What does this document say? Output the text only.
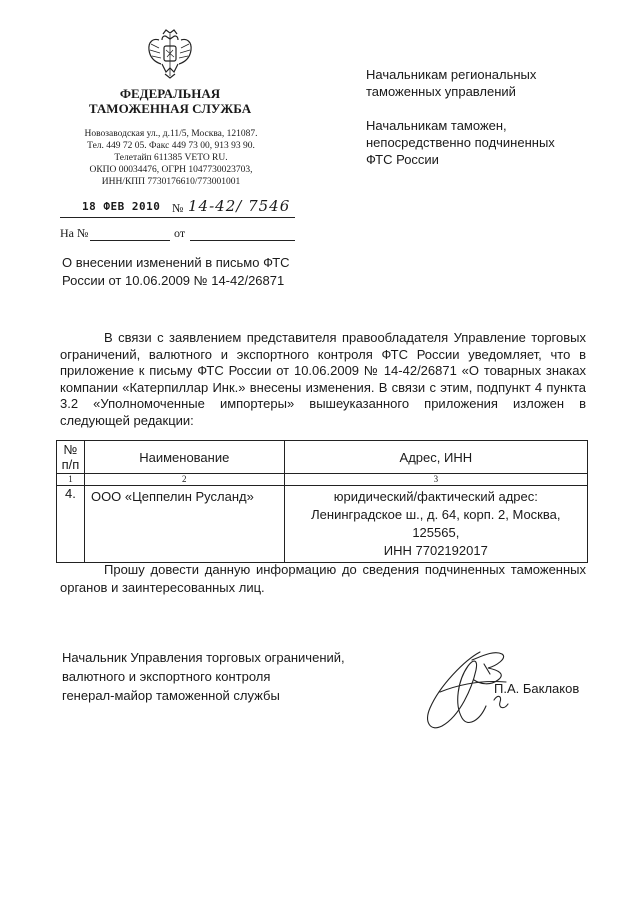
ФЕДЕРАЛЬНАЯ
ТАМОЖЕННАЯ СЛУЖБА
Новозаводская ул., д.11/5, Москва, 121087.
Тел. 449 72 05. Факс 449 73 00, 913 93 90.
Телетайп 611385 VETO RU.
ОКПО 00034476, ОГРН 1047730023703,
ИНН/КПП 7730176610/773001001
Начальникам региональных
таможенных управлений
Начальникам таможен,
непосредственно подчиненных
ФТС России
18 ФЕВ 2010 № 14-42/ 7546
На №	от
О внесении изменений в письмо ФТС
России от 10.06.2009 № 14-42/26871
В связи с заявлением представителя правообладателя Управление торговых ограничений, валютного и экспортного контроля ФТС России уведомляет, что в приложение к письму ФТС России от 10.06.2009 № 14-42/26871 «О товарных знаках компании «Катерпиллар Инк.» внесены изменения. В связи с этим, подпункт 4 пункта 3.2 «Уполномоченные импортеры» вышеуказанного приложения изложен в следующей редакции:
№
п/п	Наименование	Адрес, ИНН
1	2	3
4.	ООО «Цеппелин Русланд»	юридический/фактический адрес:
Ленинградское ш., д. 64, корп. 2, Москва,
125565,
ИНН 7702192017
Прошу довести данную информацию до сведения подчиненных таможенных органов и заинтересованных лиц.
Начальник Управления торговых ограничений,
валютного и экспортного контроля
генерал-майор таможенной службы	П.А. Баклаков
